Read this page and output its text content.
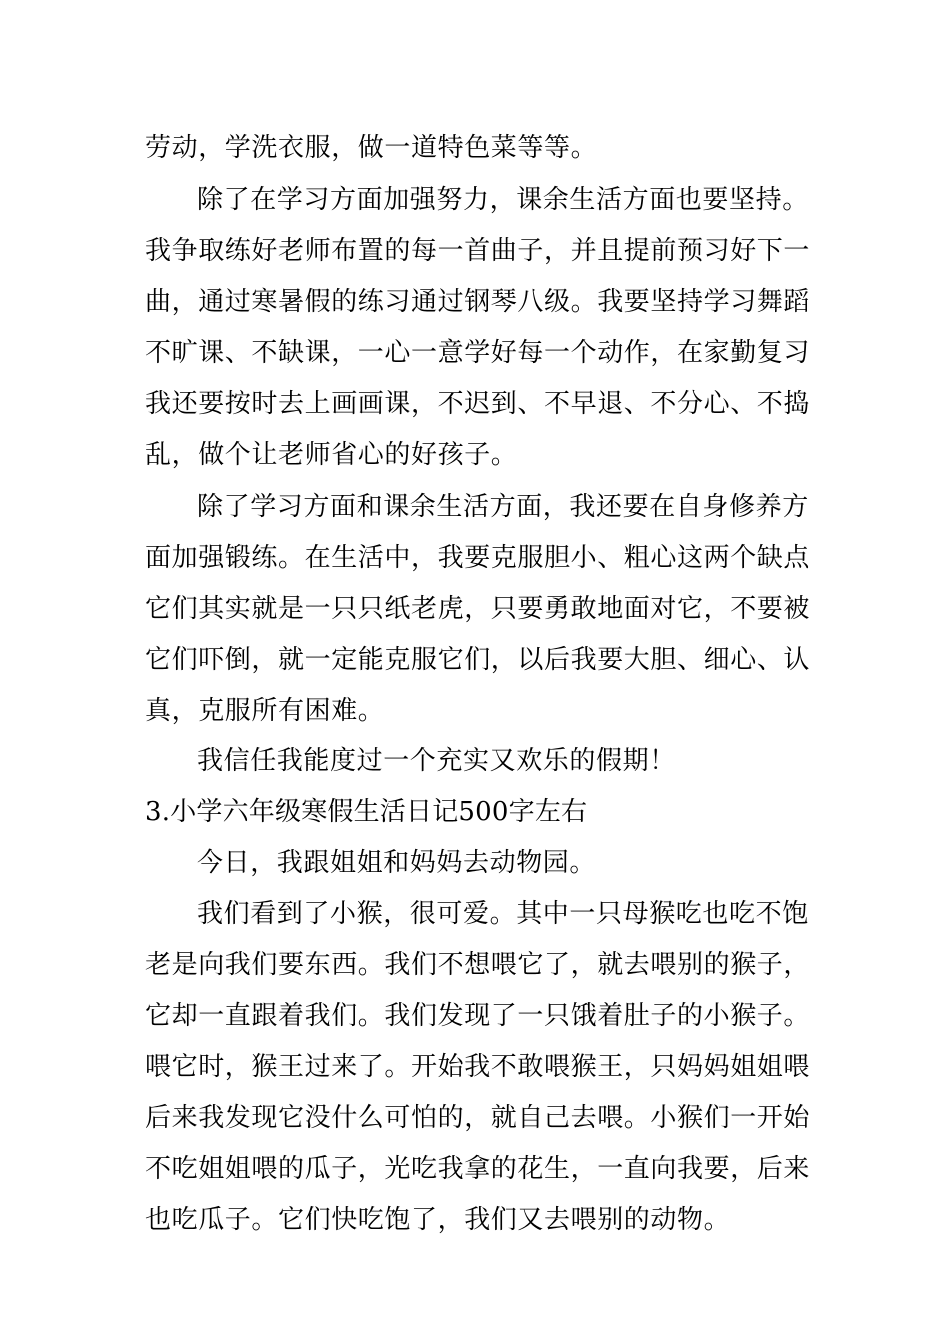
劳动，学洗衣服，做一道特色菜等等。
除了在学习方面加强努力，课余生活方面也要坚持。
我争取练好老师布置的每一首曲子，并且提前预习好下一
曲，通过寒暑假的练习通过钢琴八级。我要坚持学习舞蹈
不旷课、不缺课，一心一意学好每一个动作，在家勤复习
我还要按时去上画画课，不迟到、不早退、不分心、不捣
乱，做个让老师省心的好孩子。
除了学习方面和课余生活方面，我还要在自身修养方
面加强锻练。在生活中，我要克服胆小、粗心这两个缺点
它们其实就是一只只纸老虎，只要勇敢地面对它，不要被
它们吓倒，就一定能克服它们，以后我要大胆、细心、认
真，克服所有困难。
我信任我能度过一个充实又欢乐的假期！
3.小学六年级寒假生活日记500字左右
今日，我跟姐姐和妈妈去动物园。
我们看到了小猴，很可爱。其中一只母猴吃也吃不饱
老是向我们要东西。我们不想喂它了，就去喂别的猴子，
它却一直跟着我们。我们发现了一只饿着肚子的小猴子。
喂它时，猴王过来了。开始我不敢喂猴王，只妈妈姐姐喂
后来我发现它没什么可怕的，就自己去喂。小猴们一开始
不吃姐姐喂的瓜子，光吃我拿的花生，一直向我要，后来
也吃瓜子。它们快吃饱了，我们又去喂别的动物。
